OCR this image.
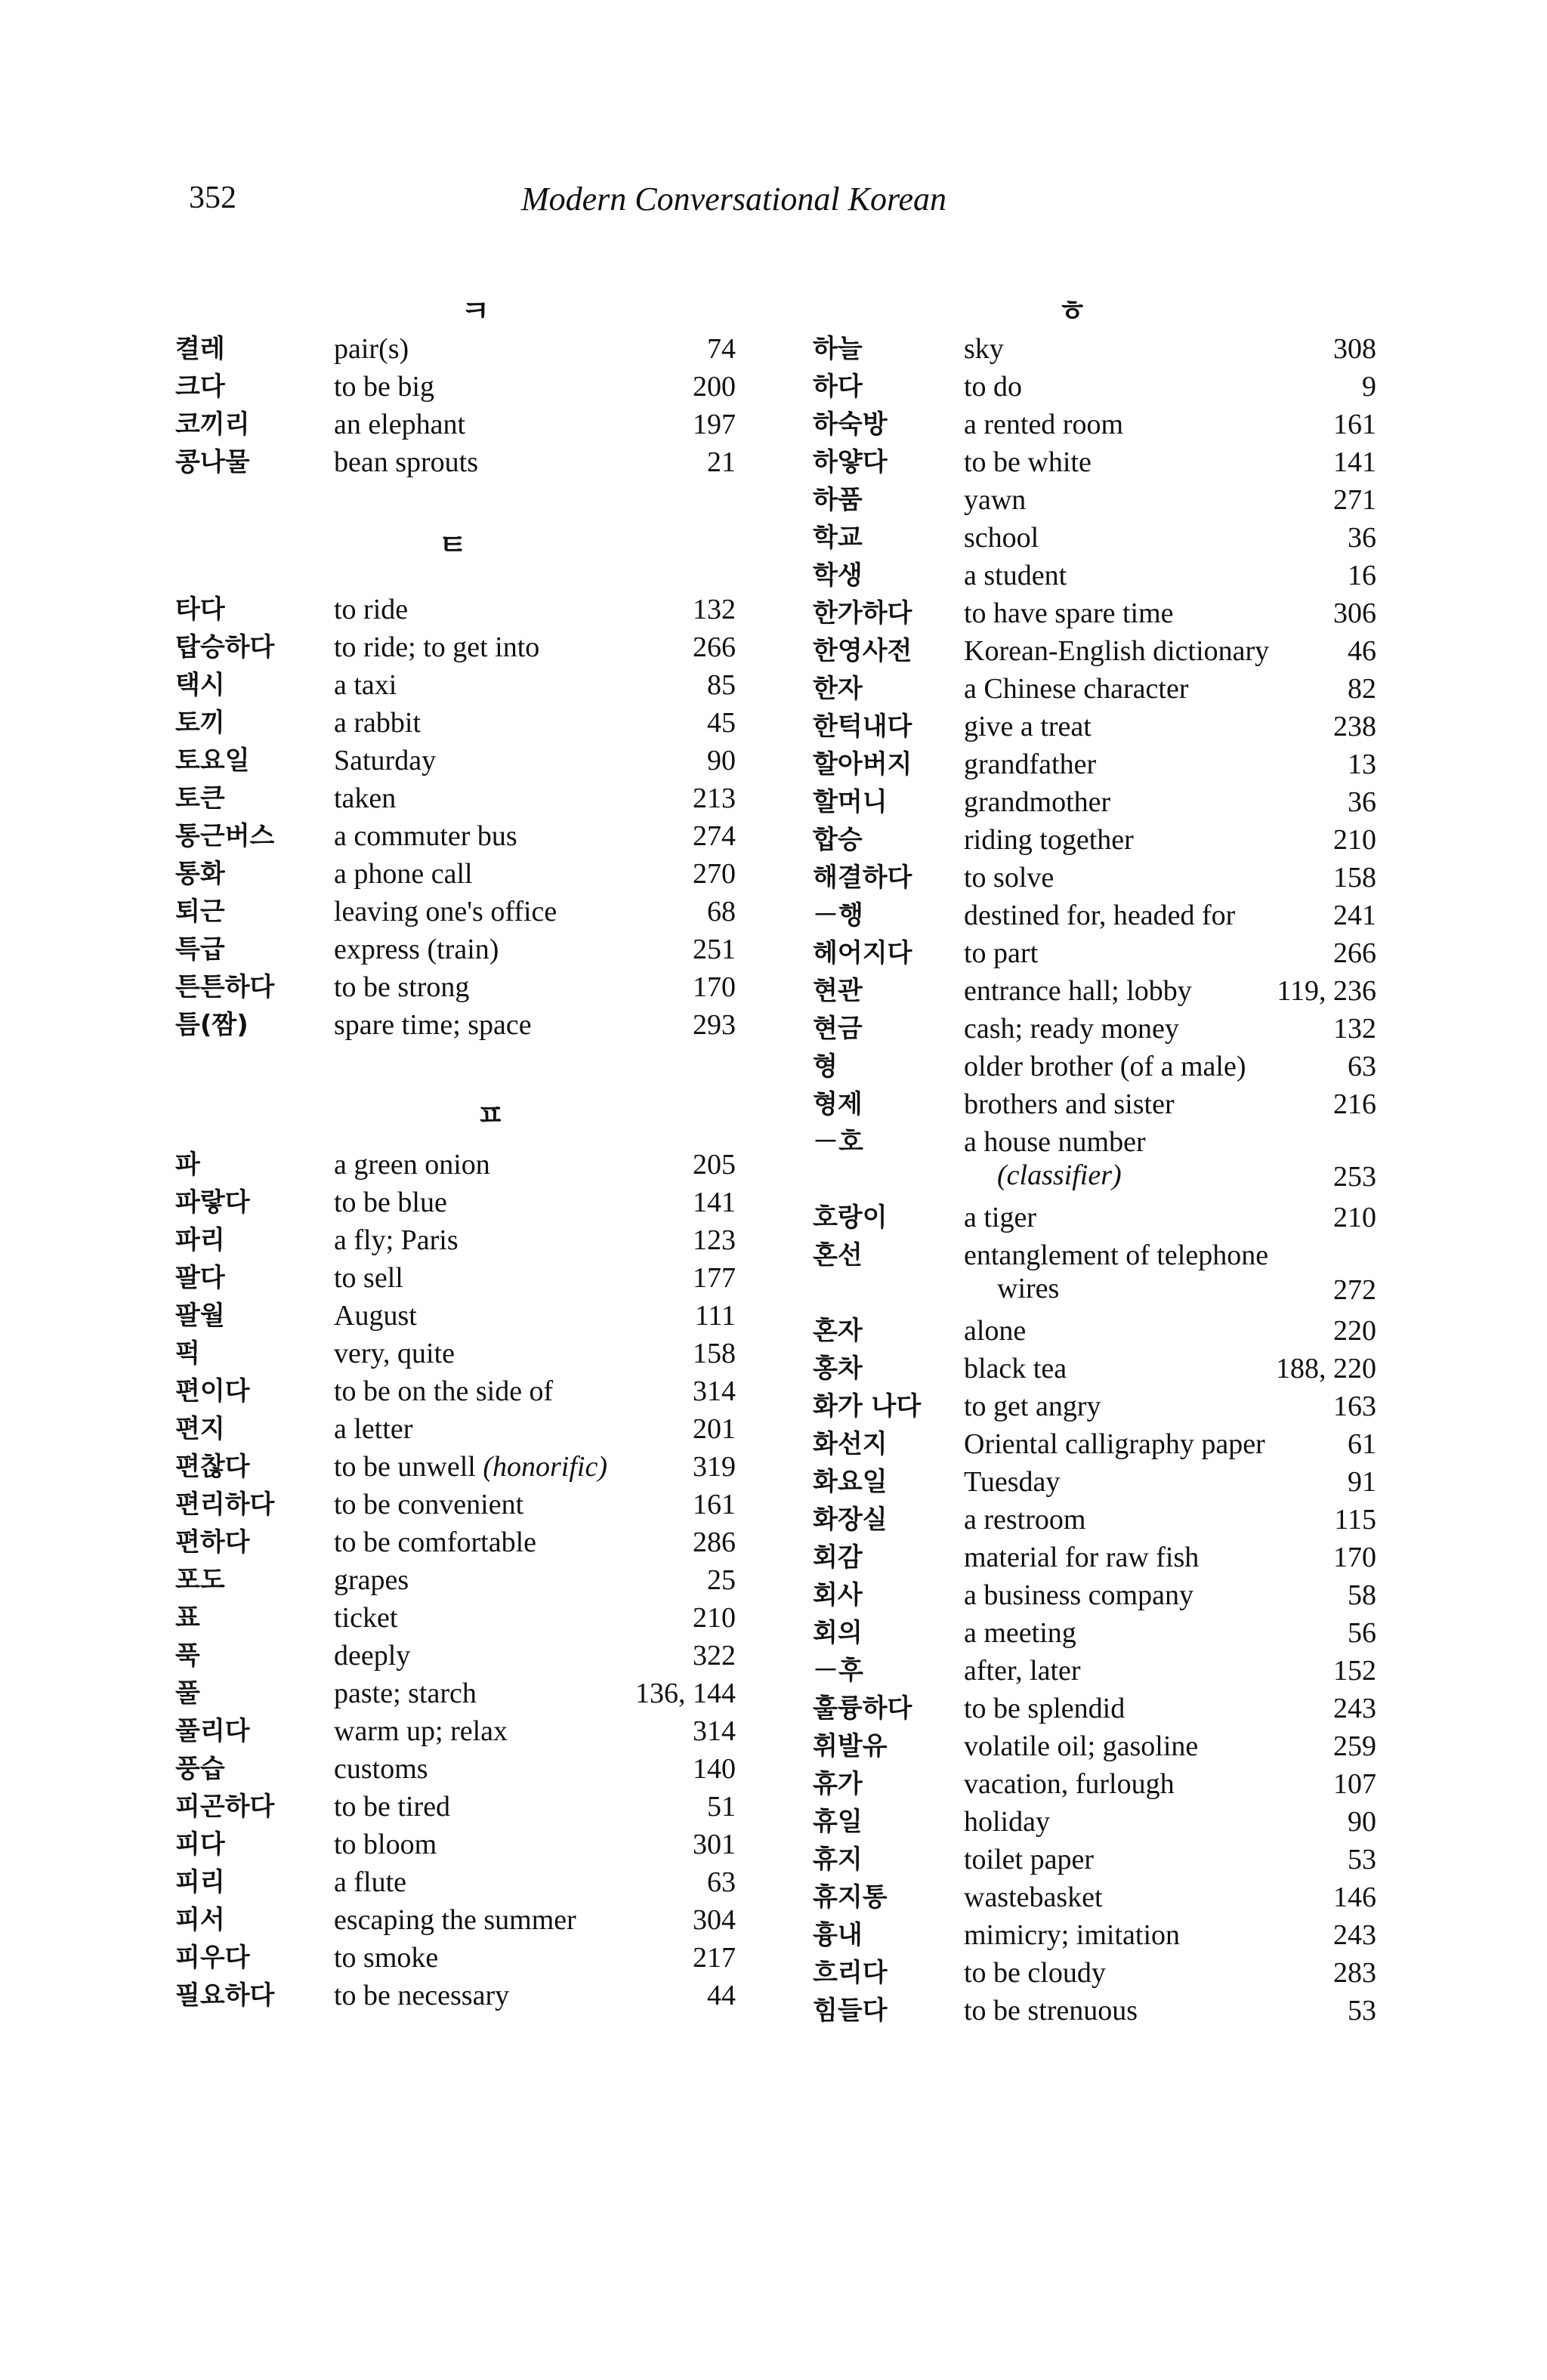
352	Modern Conversational Korean
ㅋ
켤레	pair(s)	74
크다	to be big	200
코끼리	an elephant	197
콩나물	bean sprouts	21
ㅌ
타다	to ride	132
탑승하다 to ride; to get into	266
택시	a taxi	85
토끼	a rabbit	45
토요일	Saturday	90
토큰	taken	213
통근버스 a commuter bus	274
통화	a phone call	270
퇴근	leaving one's office	68
특급	express (train)	251
튼튼하다 to be strong	170
틈(짬)	spare time; space	293
ㅍ
파	a green onion	205
파랗다	to be blue	141
파리	a fly; Paris	123
팔다	to sell	177
팔월	August	111
퍽	very, quite	158
편이다	to be on the side of	314
편지	a letter	201
편찮다	to be unwell (honorific)	319
편리하다 to be convenient	161
편하다	to be comfortable	286
포도	grapes	25
표	ticket	210
푹	deeply	322
풀	paste; starch	136, 144
풀리다	warm up; relax	314
풍습	customs	140
피곤하다 to be tired	51
피다	to bloom	301
피리	a flute	63
피서	escaping the summer	304
피우다	to smoke	217
필요하다 to be necessary	44
ㅎ
하늘	sky	308
하다	to do	9
하숙방	a rented room	161
하얗다	to be white	141
하품	yawn	271
학교	school	36
학생	a student	16
한가하다 to have spare time	306
한영사전 Korean-English dictionary	46
한자	a Chinese character	82
한턱내다 give a treat	238
할아버지 grandfather	13
할머니	grandmother	36
합승	riding together	210
해결하다 to solve	158
－행	destined for, headed for	241
헤어지다 to part	266
현관	entrance hall; lobby	119, 236
현금	cash; ready money	132
형	older brother (of a male)	63
형제	brothers and sister	216
－호	a house number
(classifier)	253
호랑이	a tiger	210
혼선	entanglement of telephone
wires	272
혼자	alone	220
홍차	black tea	188, 220
화가 나다 to get angry	163
화선지	Oriental calligraphy paper	61
화요일	Tuesday	91
화장실	a restroom	115
회감	material for raw fish	170
회사	a business company	58
회의	a meeting	56
－후	after, later	152
훌륭하다 to be splendid	243
휘발유	volatile oil; gasoline	259
휴가	vacation, furlough	107
휴일	holiday	90
휴지	toilet paper	53
휴지통	wastebasket	146
흉내	mimicry; imitation	243
흐리다	to be cloudy	283
힘들다	to be strenuous	53
